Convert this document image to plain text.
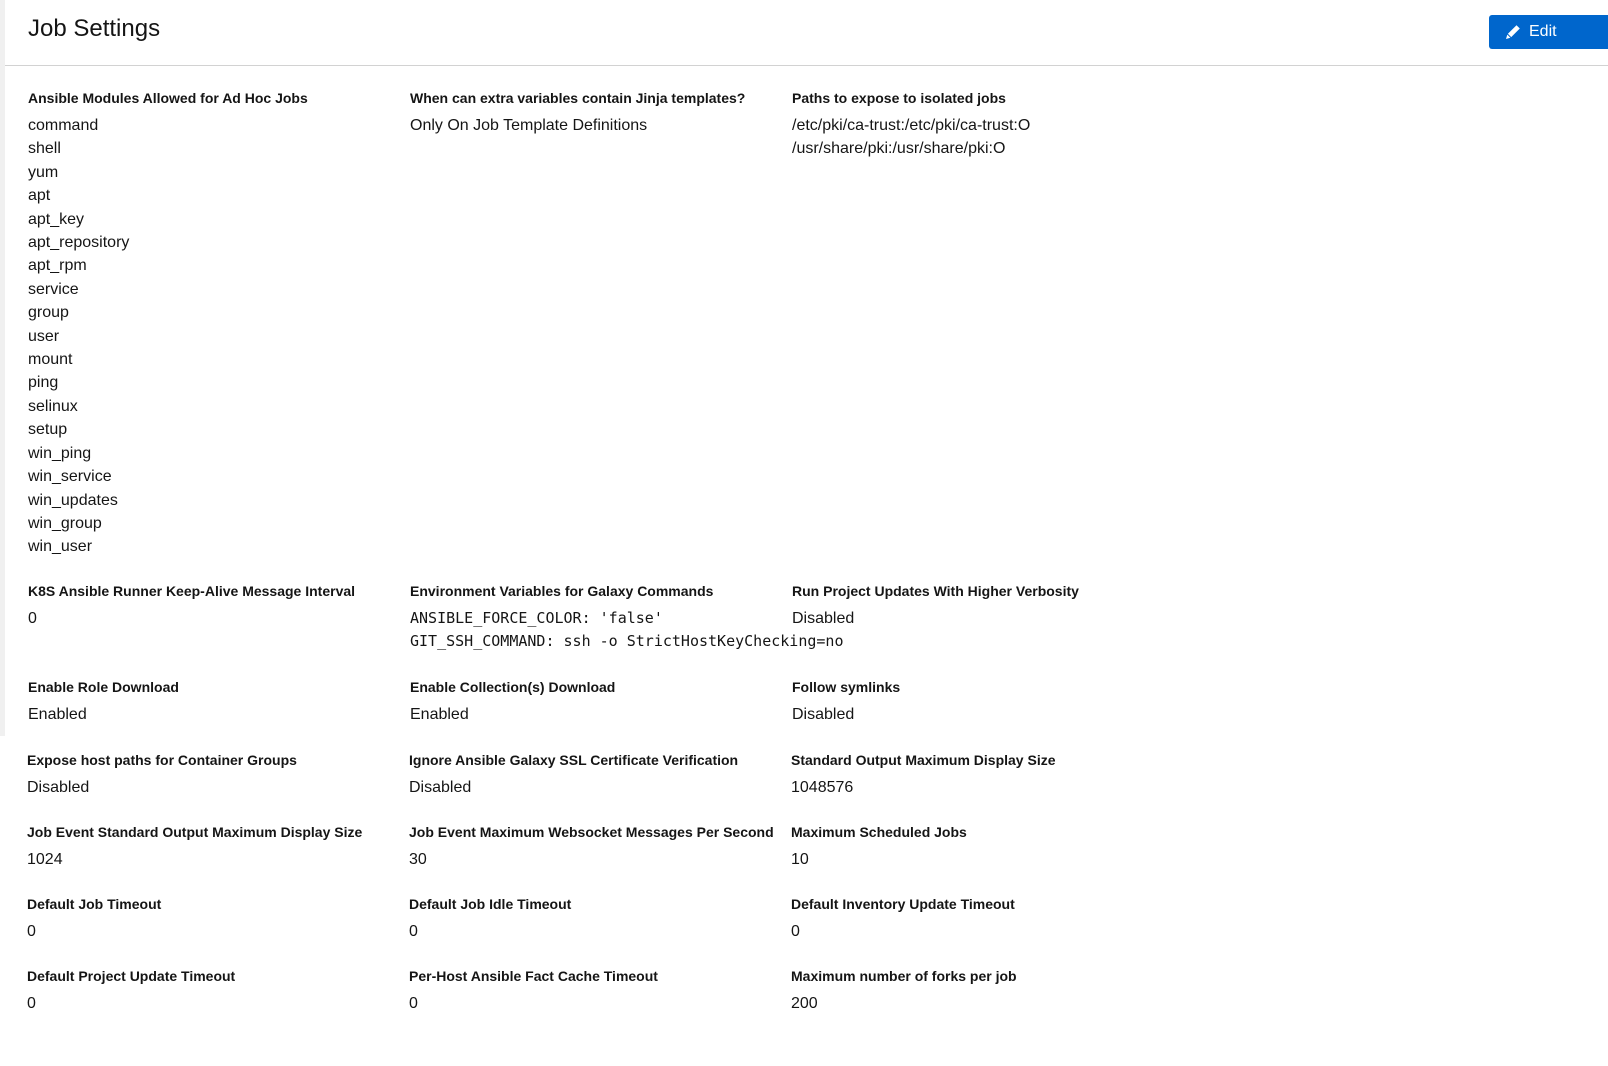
Job Settings	Edit
Ansible Modules Allowed for Ad Hoc Jobs
command
shell
yum
apt
apt_key
apt_repository
apt_rpm
service
group
user
mount
ping
selinux
setup
win_ping
win_service
win_updates
win_group
win_user
When can extra variables contain Jinja templates?
Only On Job Template Definitions
Paths to expose to isolated jobs
/etc/pki/ca-trust:/etc/pki/ca-trust:O
/usr/share/pki:/usr/share/pki:O
K8S Ansible Runner Keep-Alive Message Interval
0
Environment Variables for Galaxy Commands
ANSIBLE_FORCE_COLOR: 'false'
GIT_SSH_COMMAND: ssh -o StrictHostKeyChecking=no
Run Project Updates With Higher Verbosity
Disabled
Enable Role Download
Enabled
Enable Collection(s) Download
Enabled
Follow symlinks
Disabled
Expose host paths for Container Groups
Disabled
Ignore Ansible Galaxy SSL Certificate Verification
Disabled
Standard Output Maximum Display Size
1048576
Job Event Standard Output Maximum Display Size
1024
Job Event Maximum Websocket Messages Per Second
30
Maximum Scheduled Jobs
10
Default Job Timeout
0
Default Job Idle Timeout
0
Default Inventory Update Timeout
0
Default Project Update Timeout
0
Per-Host Ansible Fact Cache Timeout
0
Maximum number of forks per job
200
